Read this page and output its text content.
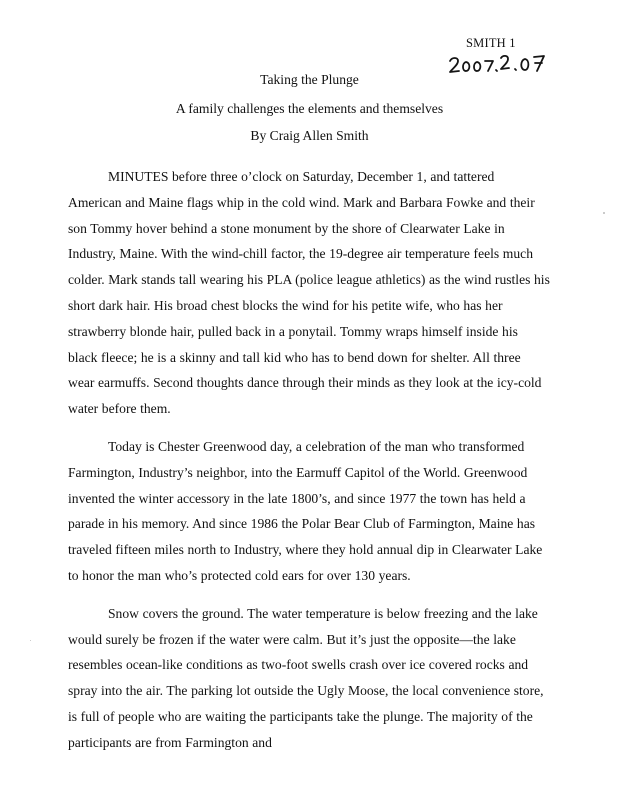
SMITH 1
Taking the Plunge
A family challenges the elements and themselves
By Craig Allen Smith

MINUTES before three o’clock on Saturday, December 1, and tattered American and Maine flags whip in the cold wind. Mark and Barbara Fowke and their son Tommy hover behind a stone monument by the shore of Clearwater Lake in Industry, Maine. With the wind-chill factor, the 19-degree air temperature feels much colder. Mark stands tall wearing his PLA (police league athletics) as the wind rustles his short dark hair. His broad chest blocks the wind for his petite wife, who has her strawberry blonde hair, pulled back in a ponytail. Tommy wraps himself inside his black fleece; he is a skinny and tall kid who has to bend down for shelter. All three wear earmuffs. Second thoughts dance through their minds as they look at the icy-cold water before them.

Today is Chester Greenwood day, a celebration of the man who transformed Farmington, Industry’s neighbor, into the Earmuff Capitol of the World. Greenwood invented the winter accessory in the late 1800’s, and since 1977 the town has held a parade in his memory. And since 1986 the Polar Bear Club of Farmington, Maine has traveled fifteen miles north to Industry, where they hold annual dip in Clearwater Lake to honor the man who’s protected cold ears for over 130 years.

Snow covers the ground. The water temperature is below freezing and the lake would surely be frozen if the water were calm. But it’s just the opposite—the lake resembles ocean-like conditions as two-foot swells crash over ice covered rocks and spray into the air. The parking lot outside the Ugly Moose, the local convenience store, is full of people who are waiting the participants take the plunge. The majority of the participants are from Farmington and
